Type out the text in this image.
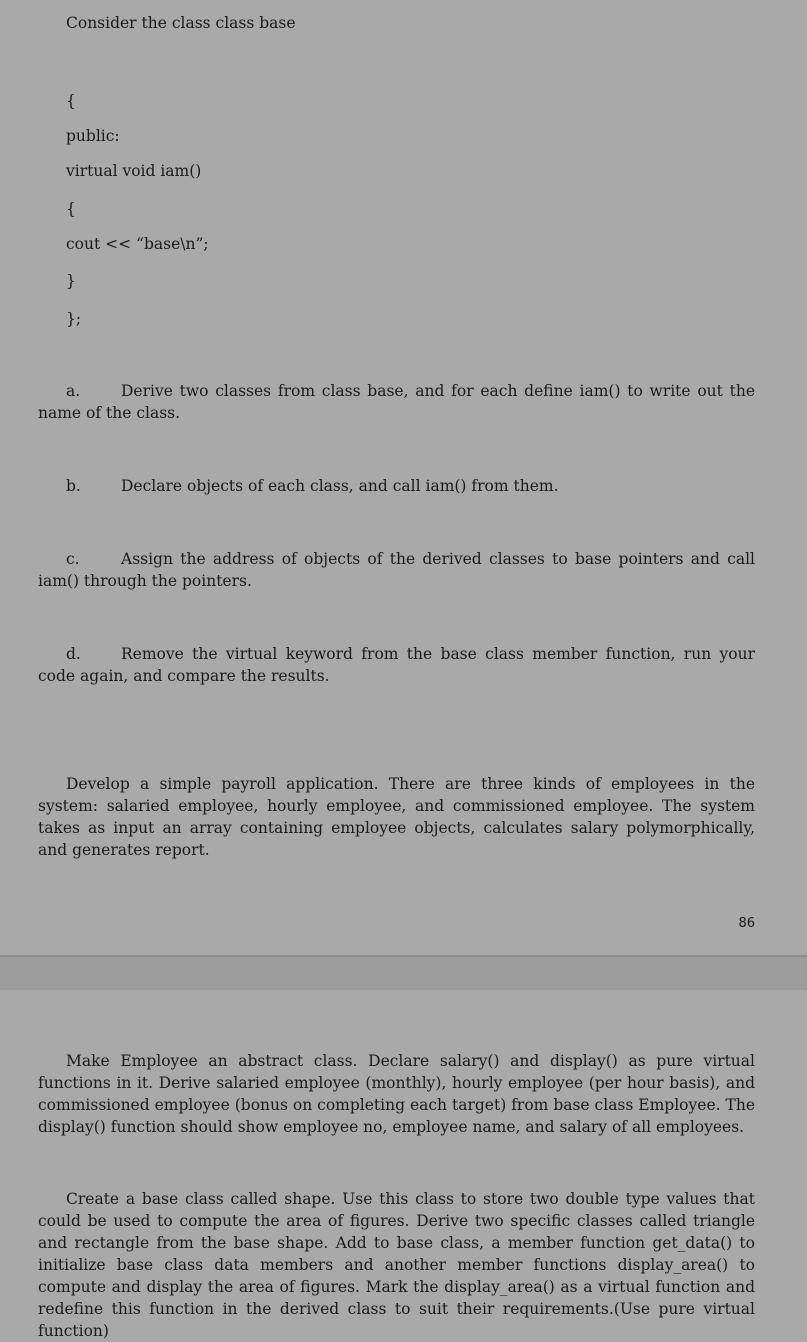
Consider the class class base

{

public:

virtual void iam()

{

cout << “base\n”;

}

};

a.	Derive two classes from class base, and for each define iam() to write out the name of the class.

b.	Declare objects of each class, and call iam() from them.

c.	Assign the address of objects of the derived classes to base pointers and call iam() through the pointers.

d.	Remove the virtual keyword from the base class member function, run your code again, and compare the results.

Develop a simple payroll application. There are three kinds of employees in the system: salaried employee, hourly employee, and commissioned employee. The system takes as input an array containing employee objects, calculates salary polymorphically, and generates report.

86

Make Employee an abstract class. Declare salary() and display() as pure virtual functions in it. Derive salaried employee (monthly), hourly employee (per hour basis), and commissioned employee (bonus on completing each target) from base class Employee. The display() function should show employee no, employee name, and salary of all employees.

Create a base class called shape. Use this class to store two double type values that could be used to compute the area of figures. Derive two specific classes called triangle and rectangle from the base shape. Add to base class, a member function get_data() to initialize base class data members and another member functions display_area() to compute and display the area of figures. Mark the display_area() as a virtual function and redefine this function in the derived class to suit their requirements.(Use pure virtual function)
